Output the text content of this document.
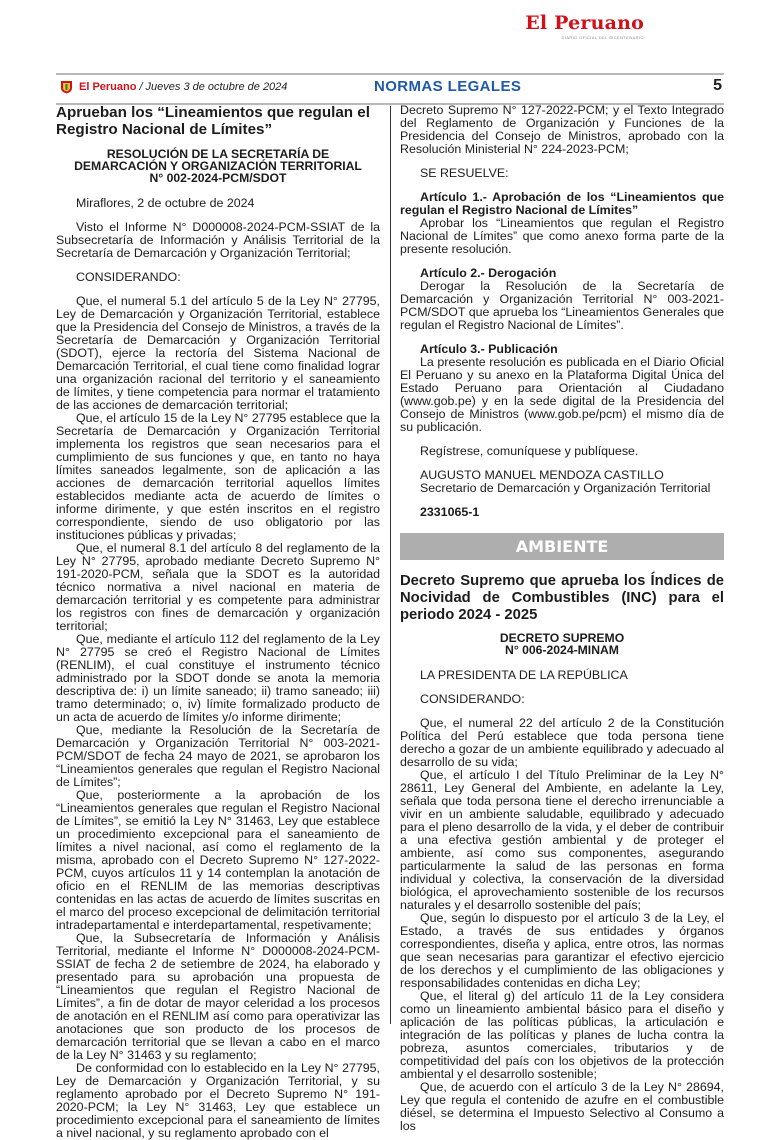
El Peruano
DIARIO OFICIAL DEL BICENTENARIO
El Peruano / Jueves 3 de octubre de 2024	NORMAS LEGALES	5

Aprueban los “Lineamientos que regulan el Registro Nacional de Límites”

RESOLUCIÓN DE LA SECRETARÍA DE
DEMARCACIÓN Y ORGANIZACIÓN TERRITORIAL
N° 002-2024-PCM/SDOT

Miraflores, 2 de octubre de 2024

Visto el Informe N° D000008-2024-PCM-SSIAT de la Subsecretaría de Información y Análisis Territorial de la Secretaría de Demarcación y Organización Territorial;

CONSIDERANDO:

Que, el numeral 5.1 del artículo 5 de la Ley N° 27795, Ley de Demarcación y Organización Territorial, establece que la Presidencia del Consejo de Ministros, a través de la Secretaría de Demarcación y Organización Territorial (SDOT), ejerce la rectoría del Sistema Nacional de Demarcación Territorial, el cual tiene como finalidad lograr una organización racional del territorio y el saneamiento de límites, y tiene competencia para normar el tratamiento de las acciones de demarcación territorial;

Que, el artículo 15 de la Ley N° 27795 establece que la Secretaría de Demarcación y Organización Territorial implementa los registros que sean necesarios para el cumplimiento de sus funciones y que, en tanto no haya límites saneados legalmente, son de aplicación a las acciones de demarcación territorial aquellos límites establecidos mediante acta de acuerdo de límites o informe dirimente, y que estén inscritos en el registro correspondiente, siendo de uso obligatorio por las instituciones públicas y privadas;

Que, el numeral 8.1 del artículo 8 del reglamento de la Ley N° 27795, aprobado mediante Decreto Supremo N° 191-2020-PCM, señala que la SDOT es la autoridad técnico normativa a nivel nacional en materia de demarcación territorial y es competente para administrar los registros con fines de demarcación y organización territorial;

Que, mediante el artículo 112 del reglamento de la Ley N° 27795 se creó el Registro Nacional de Límites (RENLIM), el cual constituye el instrumento técnico administrado por la SDOT donde se anota la memoria descriptiva de: i) un límite saneado; ii) tramo saneado; iii) tramo determinado; o, iv) límite formalizado producto de un acta de acuerdo de límites y/o informe dirimente;

Que, mediante la Resolución de la Secretaría de Demarcación y Organización Territorial N° 003-2021-PCM/SDOT de fecha 24 mayo de 2021, se aprobaron los “Lineamientos generales que regulan el Registro Nacional de Límites”;

Que, posteriormente a la aprobación de los “Lineamientos generales que regulan el Registro Nacional de Límites”, se emitió la Ley N° 31463, Ley que establece un procedimiento excepcional para el saneamiento de límites a nivel nacional, así como el reglamento de la misma, aprobado con el Decreto Supremo N° 127-2022-PCM, cuyos artículos 11 y 14 contemplan la anotación de oficio en el RENLIM de las memorias descriptivas contenidas en las actas de acuerdo de límites suscritas en el marco del proceso excepcional de delimitación territorial intradepartamental e interdepartamental, respetivamente;

Que, la Subsecretaría de Información y Análisis Territorial, mediante el Informe N° D000008-2024-PCM-SSIAT de fecha 2 de setiembre de 2024, ha elaborado y presentado para su aprobación una propuesta de “Lineamientos que regulan el Registro Nacional de Límites”, a fin de dotar de mayor celeridad a los procesos de anotación en el RENLIM así como para operativizar las anotaciones que son producto de los procesos de demarcación territorial que se llevan a cabo en el marco de la Ley N° 31463 y su reglamento;

De conformidad con lo establecido en la Ley N° 27795, Ley de Demarcación y Organización Territorial, y su reglamento aprobado por el Decreto Supremo N° 191-2020-PCM; la Ley N° 31463, Ley que establece un procedimiento excepcional para el saneamiento de límites a nivel nacional, y su reglamento aprobado con el

Decreto Supremo N° 127-2022-PCM; y el Texto Integrado del Reglamento de Organización y Funciones de la Presidencia del Consejo de Ministros, aprobado con la Resolución Ministerial N° 224-2023-PCM;

SE RESUELVE:

Artículo 1.- Aprobación de los “Lineamientos que regulan el Registro Nacional de Límites”

Aprobar los “Lineamientos que regulan el Registro Nacional de Límites” que como anexo forma parte de la presente resolución.

Artículo 2.- Derogación

Derogar la Resolución de la Secretaría de Demarcación y Organización Territorial N° 003-2021-PCM/SDOT que aprueba los “Lineamientos Generales que regulan el Registro Nacional de Límites”.

Artículo 3.- Publicación

La presente resolución es publicada en el Diario Oficial El Peruano y su anexo en la Plataforma Digital Única del Estado Peruano para Orientación al Ciudadano (www.gob.pe) y en la sede digital de la Presidencia del Consejo de Ministros (www.gob.pe/pcm) el mismo día de su publicación.

Regístrese, comuníquese y publíquese.

AUGUSTO MANUEL MENDOZA CASTILLO

Secretario de Demarcación y Organización Territorial

2331065-1

AMBIENTE

Decreto Supremo que aprueba los Índices de Nocividad de Combustibles (INC) para el periodo 2024 - 2025

DECRETO SUPREMO
N° 006-2024-MINAM

LA PRESIDENTA DE LA REPÚBLICA

CONSIDERANDO:

Que, el numeral 22 del artículo 2 de la Constitución Política del Perú establece que toda persona tiene derecho a gozar de un ambiente equilibrado y adecuado al desarrollo de su vida;

Que, el artículo I del Título Preliminar de la Ley N° 28611, Ley General del Ambiente, en adelante la Ley, señala que toda persona tiene el derecho irrenunciable a vivir en un ambiente saludable, equilibrado y adecuado para el pleno desarrollo de la vida, y el deber de contribuir a una efectiva gestión ambiental y de proteger el ambiente, así como sus componentes, asegurando particularmente la salud de las personas en forma individual y colectiva, la conservación de la diversidad biológica, el aprovechamiento sostenible de los recursos naturales y el desarrollo sostenible del país;

Que, según lo dispuesto por el artículo 3 de la Ley, el Estado, a través de sus entidades y órganos correspondientes, diseña y aplica, entre otros, las normas que sean necesarias para garantizar el efectivo ejercicio de los derechos y el cumplimiento de las obligaciones y responsabilidades contenidas en dicha Ley;

Que, el literal g) del artículo 11 de la Ley considera como un lineamiento ambiental básico para el diseño y aplicación de las políticas públicas, la articulación e integración de las políticas y planes de lucha contra la pobreza, asuntos comerciales, tributarios y de competitividad del país con los objetivos de la protección ambiental y el desarrollo sostenible;

Que, de acuerdo con el artículo 3 de la Ley N° 28694, Ley que regula el contenido de azufre en el combustible diésel, se determina el Impuesto Selectivo al Consumo a los
